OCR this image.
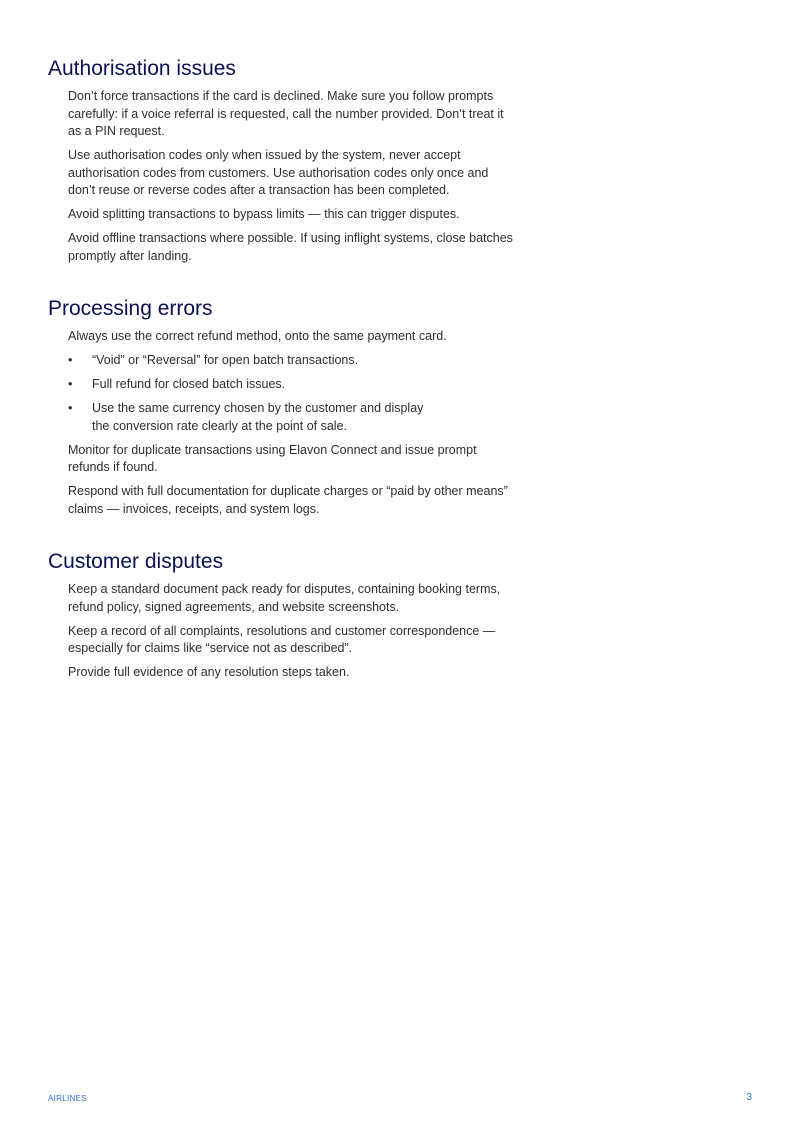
Authorisation issues

Don’t force transactions if the card is declined. Make sure you follow prompts carefully: if a voice referral is requested, call the number provided. Don’t treat it as a PIN request.

Use authorisation codes only when issued by the system, never accept authorisation codes from customers. Use authorisation codes only once and don’t reuse or reverse codes after a transaction has been completed.

Avoid splitting transactions to bypass limits — this can trigger disputes.

Avoid offline transactions where possible. If using inflight systems, close batches promptly after landing.

Processing errors

Always use the correct refund method, onto the same payment card.

• “Void” or “Reversal” for open batch transactions.
• Full refund for closed batch issues.
• Use the same currency chosen by the customer and display the conversion rate clearly at the point of sale.

Monitor for duplicate transactions using Elavon Connect and issue prompt refunds if found.

Respond with full documentation for duplicate charges or “paid by other means” claims — invoices, receipts, and system logs.

Customer disputes

Keep a standard document pack ready for disputes, containing booking terms, refund policy, signed agreements, and website screenshots.

Keep a record of all complaints, resolutions and customer correspondence — especially for claims like “service not as described”.

Provide full evidence of any resolution steps taken.

AIRLINES	3
